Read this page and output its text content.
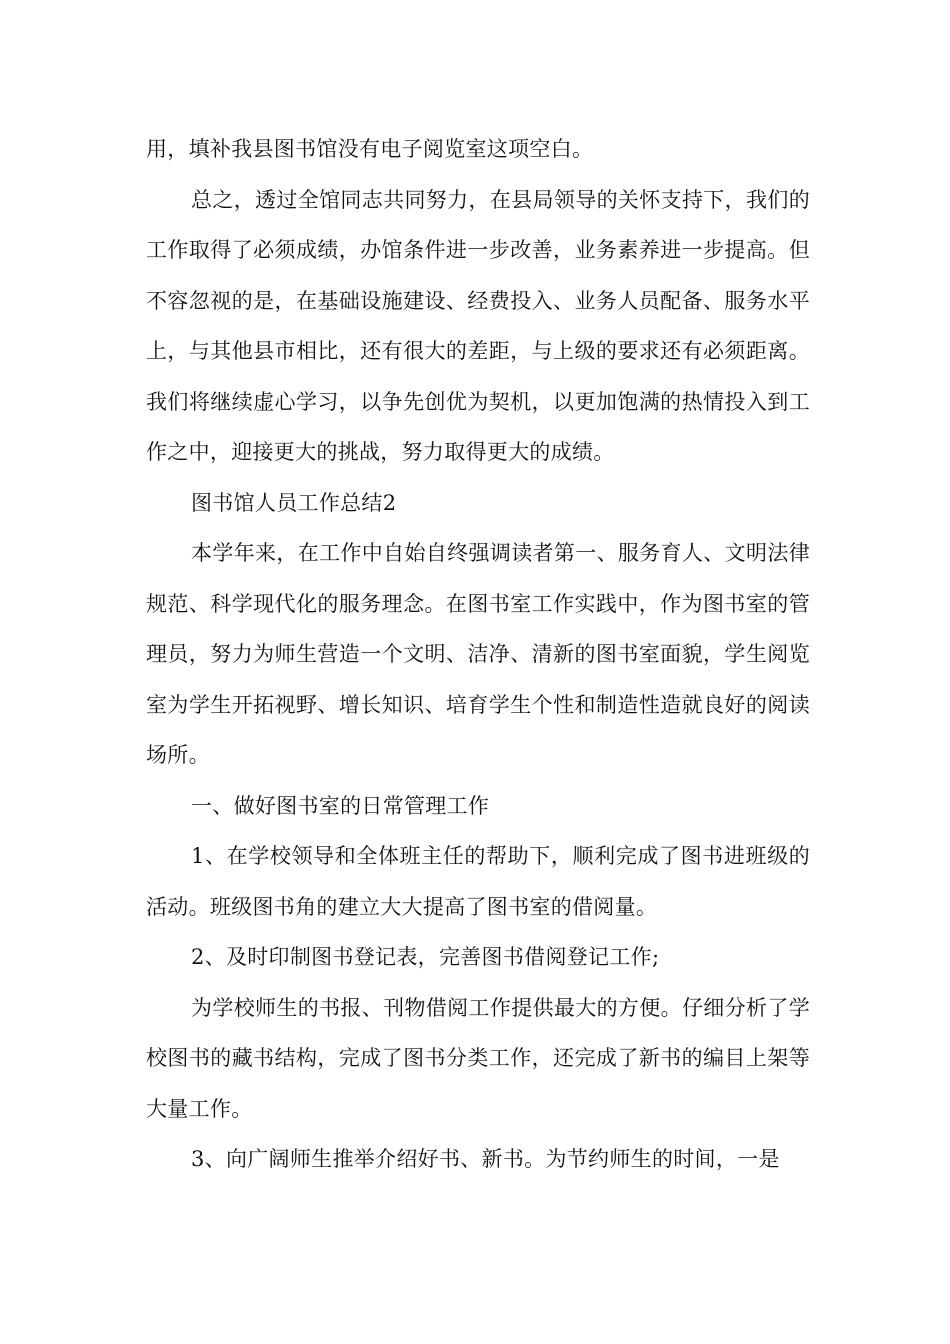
用，填补我县图书馆没有电子阅览室这项空白。

总之，透过全馆同志共同努力，在县局领导的关怀支持下，我们的工作取得了必须成绩，办馆条件进一步改善，业务素养进一步提高。但不容忽视的是，在基础设施建设、经费投入、业务人员配备、服务水平上，与其他县市相比，还有很大的差距，与上级的要求还有必须距离。我们将继续虚心学习，以争先创优为契机，以更加饱满的热情投入到工作之中，迎接更大的挑战，努力取得更大的成绩。

图书馆人员工作总结2

本学年来，在工作中自始自终强调读者第一、服务育人、文明法律规范、科学现代化的服务理念。在图书室工作实践中，作为图书室的管理员，努力为师生营造一个文明、洁净、清新的图书室面貌，学生阅览室为学生开拓视野、增长知识、培育学生个性和制造性造就良好的阅读场所。

一、做好图书室的日常管理工作

1、在学校领导和全体班主任的帮助下，顺利完成了图书进班级的活动。班级图书角的建立大大提高了图书室的借阅量。

2、及时印制图书登记表，完善图书借阅登记工作;

为学校师生的书报、刊物借阅工作提供最大的方便。仔细分析了学校图书的藏书结构，完成了图书分类工作，还完成了新书的编目上架等大量工作。

3、向广阔师生推举介绍好书、新书。为节约师生的时间，一是
